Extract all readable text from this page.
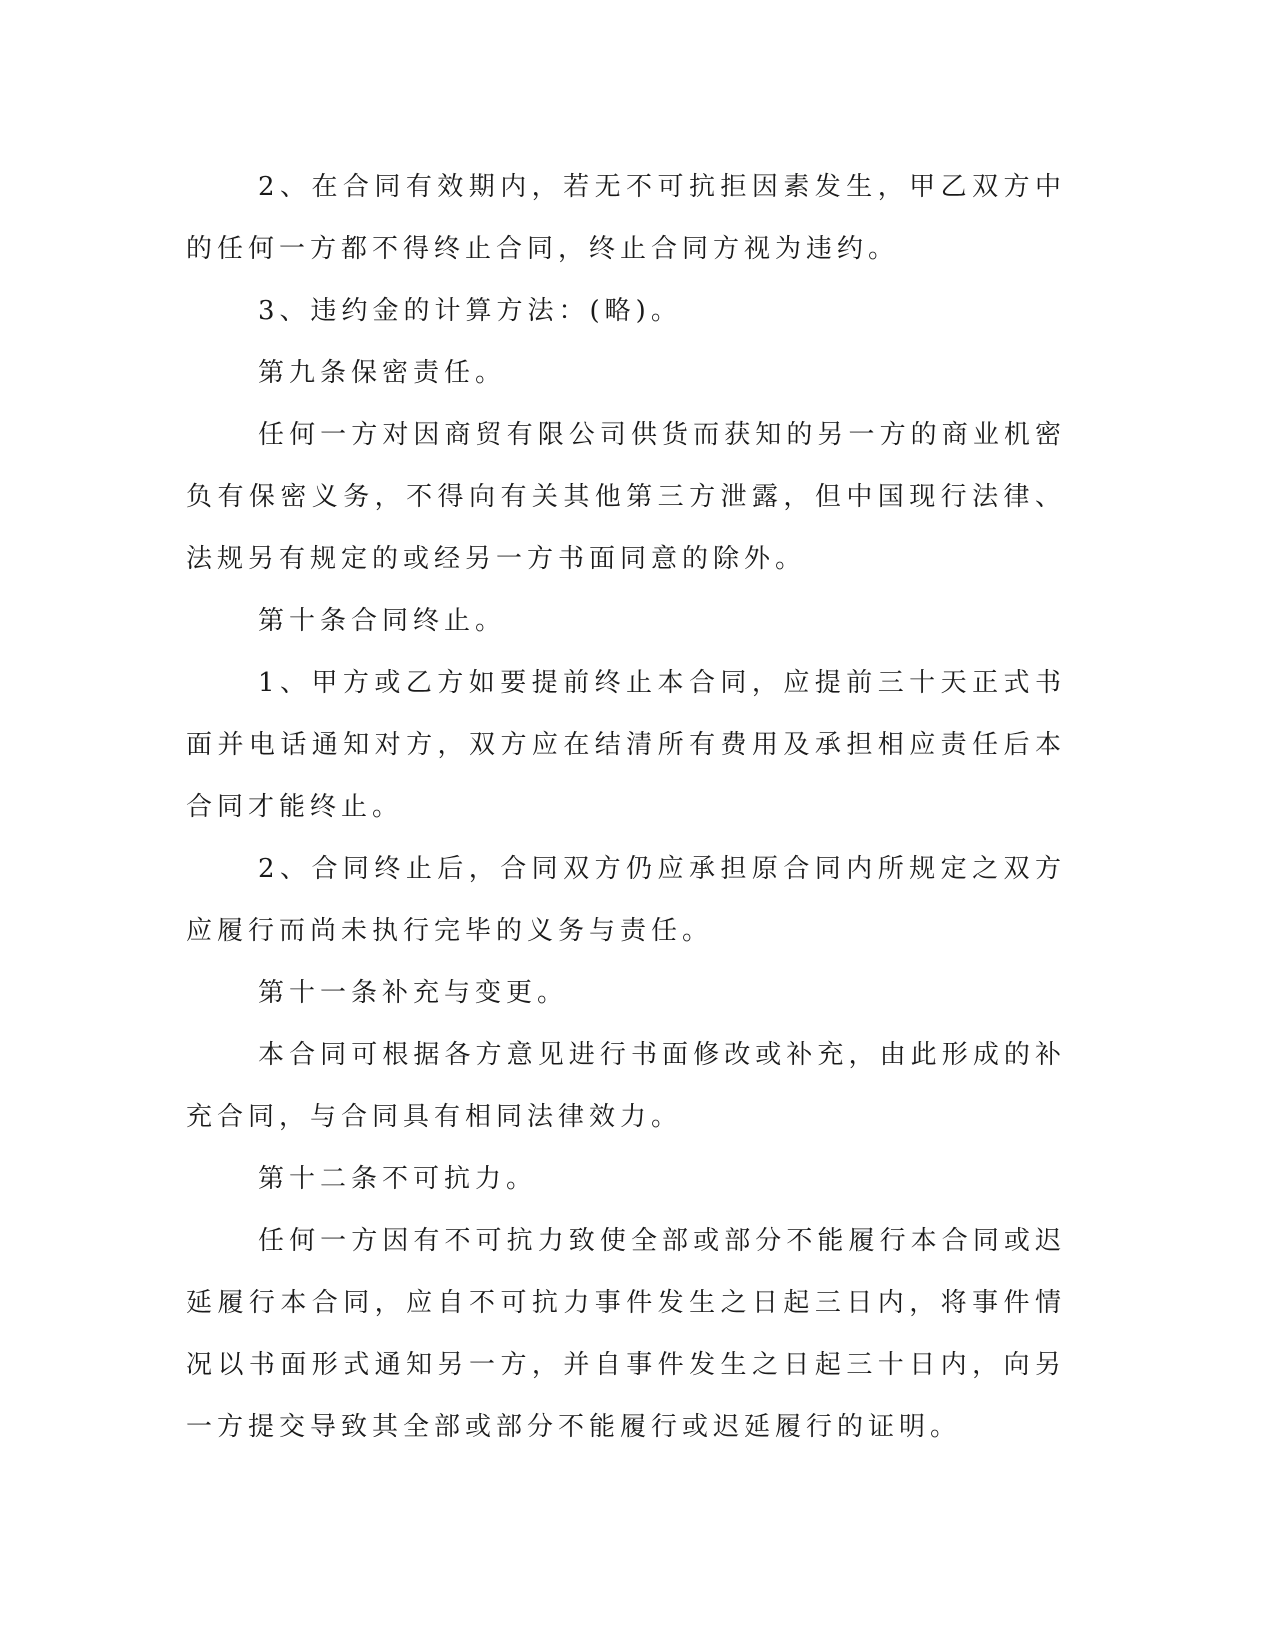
2、在合同有效期内，若无不可抗拒因素发生，甲乙双方中的任何一方都不得终止合同，终止合同方视为违约。

3、违约金的计算方法：(略)。

第九条保密责任。

任何一方对因商贸有限公司供货而获知的另一方的商业机密负有保密义务，不得向有关其他第三方泄露，但中国现行法律、法规另有规定的或经另一方书面同意的除外。

第十条合同终止。

1、甲方或乙方如要提前终止本合同，应提前三十天正式书面并电话通知对方，双方应在结清所有费用及承担相应责任后本合同才能终止。

2、合同终止后，合同双方仍应承担原合同内所规定之双方应履行而尚未执行完毕的义务与责任。

第十一条补充与变更。

本合同可根据各方意见进行书面修改或补充，由此形成的补充合同，与合同具有相同法律效力。

第十二条不可抗力。

任何一方因有不可抗力致使全部或部分不能履行本合同或迟延履行本合同，应自不可抗力事件发生之日起三日内，将事件情况以书面形式通知另一方，并自事件发生之日起三十日内，向另一方提交导致其全部或部分不能履行或迟延履行的证明。
